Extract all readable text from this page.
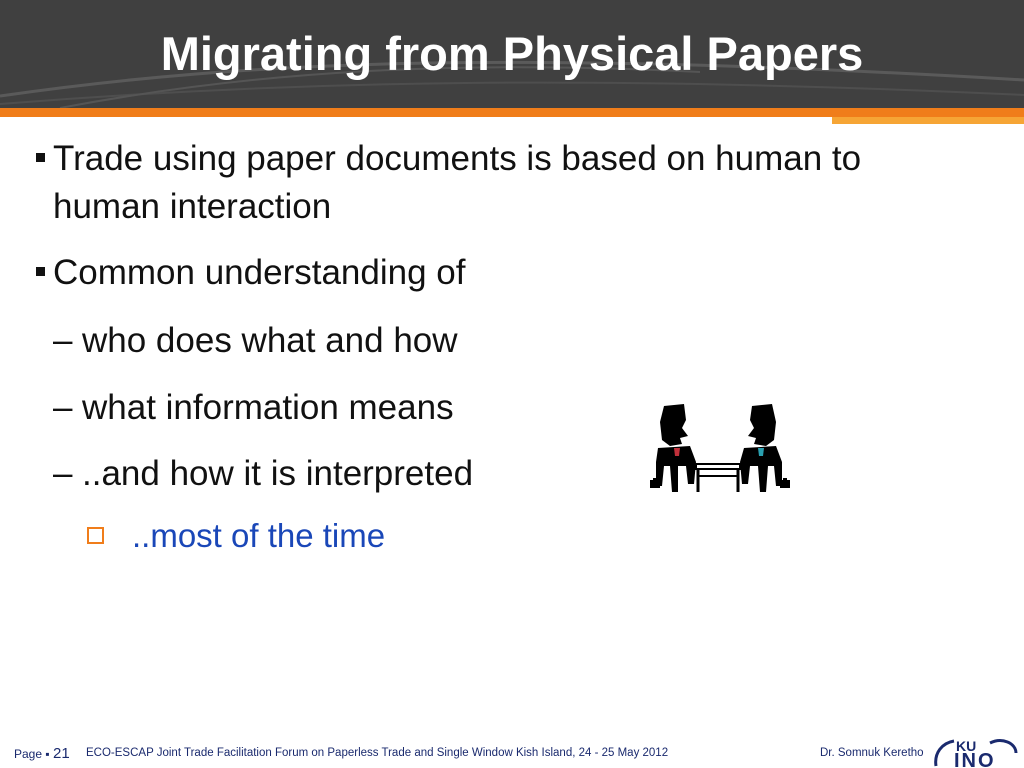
Migrating from Physical Papers

Trade using paper documents is based on human to

human interaction

Common understanding of

– who does what and how

– what information means

– ..and how it is interpreted

..most of the time

Page ▪ 21 ECO-ESCAP Joint Trade Facilitation Forum on Paperless Trade and Single Window Kish Island, 24 - 25 May 2012	Dr. Somnuk Keretho KU
INO
